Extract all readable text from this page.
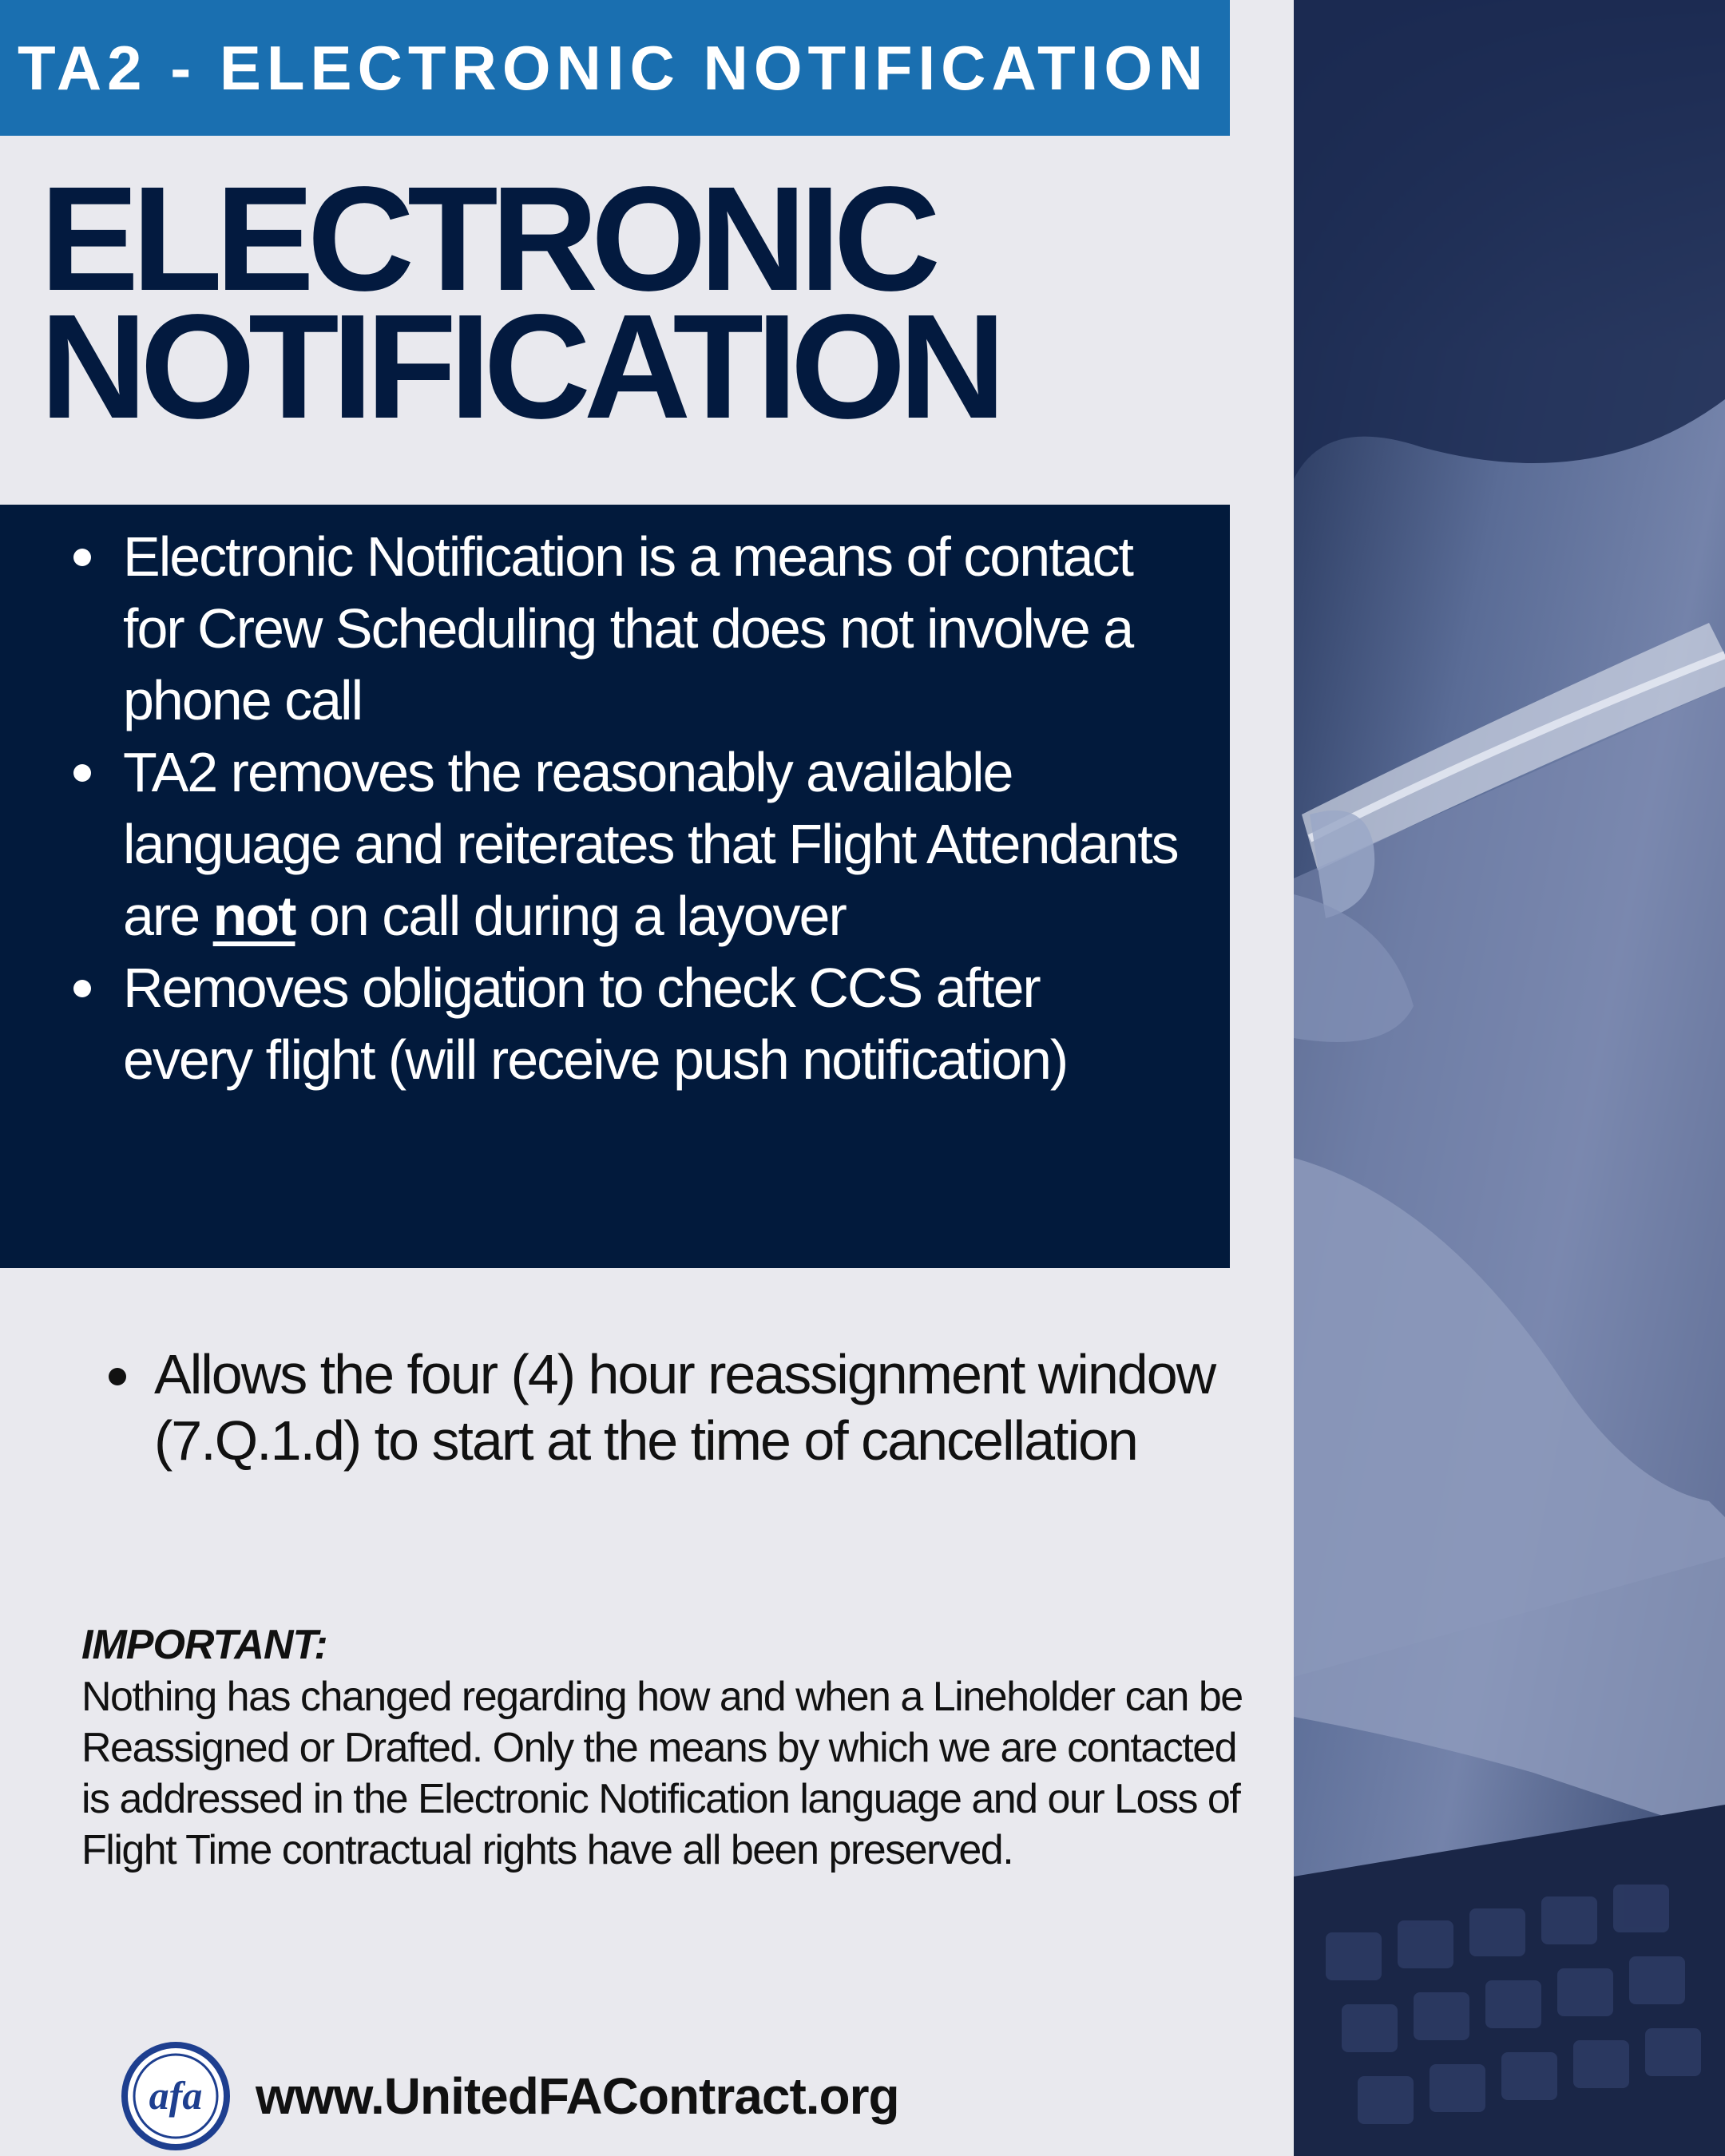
TA2 - ELECTRONIC NOTIFICATION
ELECTRONIC
NOTIFICATION
Electronic Notification is a means of contact for Crew Scheduling that does not involve a phone call
TA2 removes the reasonably available language and reiterates that Flight Attendants are not on call during a layover
Removes obligation to check CCS after every flight (will receive push notification)
Allows the four (4) hour reassignment window (7.Q.1.d) to start at the time of cancellation
IMPORTANT:

Nothing has changed regarding how and when a Lineholder can be Reassigned or Drafted. Only the means by which we are contacted is addressed in the Electronic Notification language and our Loss of Flight Time contractual rights have all been preserved.

afa www.UnitedFAContract.org
